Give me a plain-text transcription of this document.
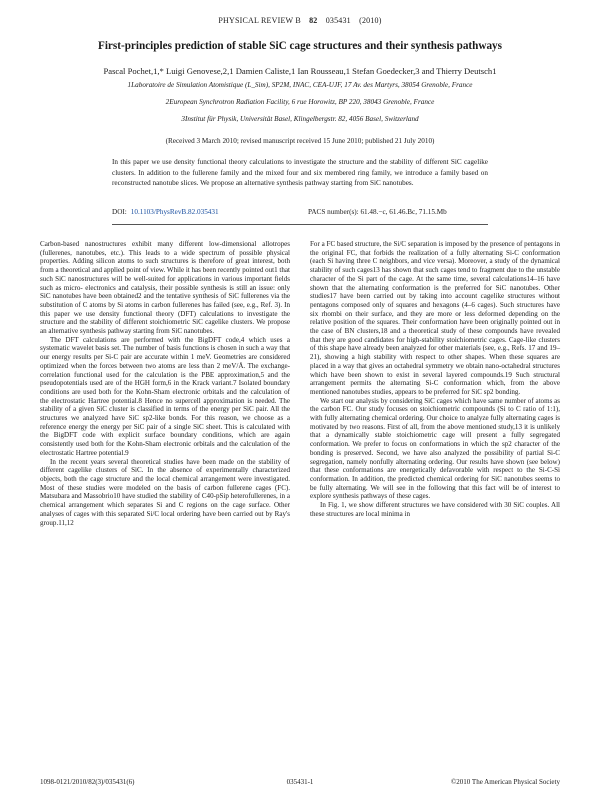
PHYSICAL REVIEW B 82 035431 (2010)
First-principles prediction of stable SiC cage structures and their synthesis pathways
Pascal Pochet,1,* Luigi Genovese,2,1 Damien Caliste,1 Ian Rousseau,1 Stefan Goedecker,3 and Thierry Deutsch1
1Laboratoire de Simulation Atomistique (L_Sim), SP2M, INAC, CEA-UJF, 17 Av. des Martyrs, 38054 Grenoble, France
2European Synchrotron Radiation Facility, 6 rue Horowitz, BP 220, 38043 Grenoble, France
3Institut für Physik, Universität Basel, Klingelbergstr. 82, 4056 Basel, Switzerland
(Received 3 March 2010; revised manuscript received 15 June 2010; published 21 July 2010)
In this paper we use density functional theory calculations to investigate the structure and the stability of different SiC cagelike clusters. In addition to the fullerene family and the mixed four and six membered ring family, we introduce a family based on reconstructed nanotube slices. We propose an alternative synthesis pathway starting from SiC nanotubes.
DOI: 10.1103/PhysRevB.82.035431	PACS number(s): 61.48.−c, 61.46.Bc, 71.15.Mb

Carbon-based nanostructures exhibit many different low-dimensional allotropes (fullerenes, nanotubes, etc.). This leads to a wide spectrum of possible physical properties. Adding silicon atoms to such structures is therefore of great interest, both from a theoretical and applied point of view. While it has been recently pointed out1 that such SiC nanostructures will be well-suited for applications in various important fields such as micro- electronics and catalysis, their possible synthesis is still an issue: only SiC nanotubes have been obtained2 and the tentative synthesis of SiC fullerenes via the substitution of C atoms by Si atoms in carbon fullerenes has failed (see, e.g., Ref. 3). In this paper we use density functional theory (DFT) calculations to investigate the structure and the stability of different stoichiometric SiC cagelike clusters. We propose an alternative synthesis pathway starting from SiC nanotubes.

The DFT calculations are performed with the BigDFT code,4 which uses a systematic wavelet basis set. The number of basis functions is chosen in such a way that our energy results per Si-C pair are accurate within 1 meV. Geometries are considered optimized when the forces between two atoms are less than 2 meV/Å. The exchange-correlation functional used for the calculation is the PBE approximation,5 and the pseudopotentials used are of the HGH form,6 in the Krack variant.7 Isolated boundary conditions are used both for the Kohn-Sham electronic orbitals and the calculation of the electrostatic Hartree potential.8 Hence no supercell approximation is needed. The stability of a given SiC cluster is classified in terms of the energy per SiC pair. All the structures we analyzed have SiC sp2-like bonds. For this reason, we choose as a reference energy the energy per SiC pair of a single SiC sheet. This is calculated with the BigDFT code with explicit surface boundary conditions, which are again consistently used both for the Kohn-Sham electronic orbitals and the calculation of the electrostatic Hartree potential.9

In the recent years several theoretical studies have been made on the stability of different cagelike clusters of SiC. In the absence of experimentally characterized objects, both the cage structure and the local chemical arrangement were investigated. Most of these studies were modeled on the basis of carbon fullerene cages (FC). Matsubara and Massobrio10 have studied the stability of C40-pSip heterofullerenes, in a chemical arrangement which separates Si and C regions on the cage surface. Other analyses of cages with this separated Si/C local ordering have been carried out by Ray's group.11,12

For a FC based structure, the Si/C separation is imposed by the presence of pentagons in the original FC, that forbids the realization of a fully alternating Si-C conformation (each Si having three C neighbors, and vice versa). Moreover, a study of the dynamical stability of such cages13 has shown that such cages tend to fragment due to the unstable character of the Si part of the cage. At the same time, several calculations14–16 have shown that the alternating conformation is the preferred for SiC nanotubes. Other studies17 have been carried out by taking into account cagelike structures without pentagons composed only of squares and hexagons (4–6 cages). Such structures have six rhombi on their surface, and they are more or less deformed depending on the relative position of the squares. Their conformation have been originally pointed out in the case of BN clusters,18 and a theoretical study of these compounds have revealed that they are good candidates for high-stability stoichiometric cages. Cage-like clusters of this shape have already been analyzed for other materials (see, e.g., Refs. 17 and 19–21), showing a high stability with respect to other shapes. When these squares are placed in a way that gives an octahedral symmetry we obtain nano-octahedral structures which have been shown to exist in several layered compounds.19 Such structural arrangement permits the alternating Si-C conformation which, from the above mentioned nanotubes studies, appears to be preferred for SiC sp2 bonding.

We start our analysis by considering SiC cages which have same number of atoms as the carbon FC. Our study focuses on stoichiometric compounds (Si to C ratio of 1:1), with fully alternating chemical ordering. Our choice to analyze fully alternating cages is motivated by two reasons. First of all, from the above mentioned study,13 it is unlikely that a dynamically stable stoichiometric cage will present a fully segregated conformation. We prefer to focus on conformations in which the sp2 character of the bonding is preserved. Second, we have also analyzed the possibility of partial Si-C segregation, namely nonfully alternating ordering. Our results have shown (see below) that these conformations are energetically defavorable with respect to the Si-C-Si conformation. In addition, the predicted chemical ordering for SiC nanotubes seems to be fully alternating. We will see in the following that this fact will be of interest to explore synthesis pathways of these cages.

In Fig. 1, we show different structures we have considered with 30 SiC couples. All these structures are local minima in

1098-0121/2010/82(3)/035431(6)	035431-1	©2010 The American Physical Society
